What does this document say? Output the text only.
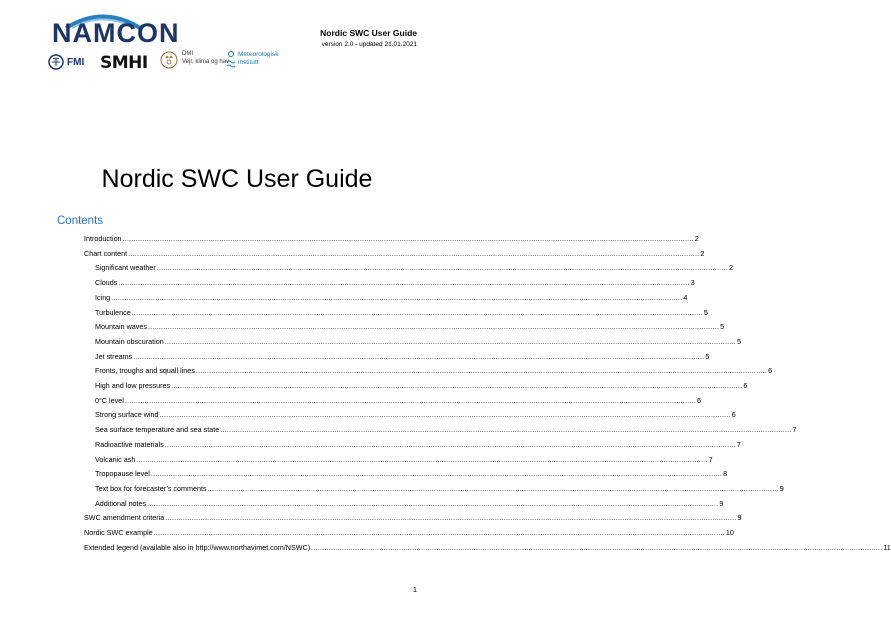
NAMCON
FMI SMHI	DMI
Vejr, klima og hav
Meteorologisk
institutt
Nordic SWC User Guide
version 2.0 - updated 21.01.2021
Nordic SWC User Guide
Contents
Introduction .................................................................................................................................................................................................................................................................... 2
Chart content .................................................................................................................................................................................................................................................................... 2
Significant weather .................................................................................................................................................................................................................................................................... 2
Clouds .................................................................................................................................................................................................................................................................... 3
Icing .................................................................................................................................................................................................................................................................... 4
Turbulence .................................................................................................................................................................................................................................................................... 5
Mountain waves .................................................................................................................................................................................................................................................................... 5
Mountain obscuration .................................................................................................................................................................................................................................................................... 5
Jet streams .................................................................................................................................................................................................................................................................... 5
Fronts, troughs and squall lines .................................................................................................................................................................................................................................................................... 6
High and low pressures .................................................................................................................................................................................................................................................................... 6
0°C level .................................................................................................................................................................................................................................................................... 6
Strong surface wind .................................................................................................................................................................................................................................................................... 6
Sea surface temperature and sea state .................................................................................................................................................................................................................................................................... 7
Radioactive materials .................................................................................................................................................................................................................................................................... 7
Volcanic ash .................................................................................................................................................................................................................................................................... 7
Tropopause level .................................................................................................................................................................................................................................................................... 8
Text box for forecaster’s comments .................................................................................................................................................................................................................................................................... 9
Additional notes .................................................................................................................................................................................................................................................................... 9
SWC amendment criteria .................................................................................................................................................................................................................................................................... 9
Nordic SWC example .................................................................................................................................................................................................................................................................... 10
Extended legend (available also in http://www.northavimet.com/NSWC) .................................................................................................................................................................................................................................................................... 11
1
